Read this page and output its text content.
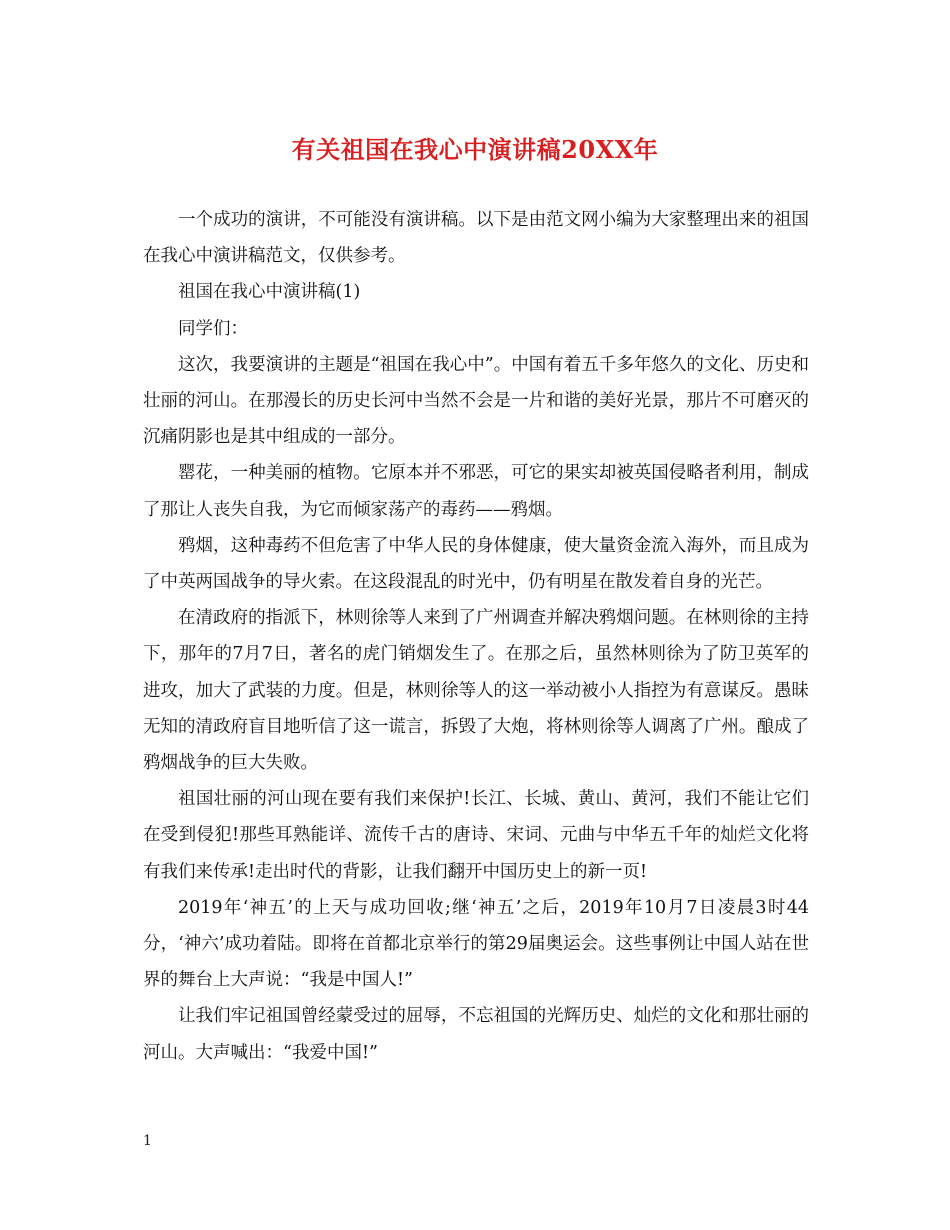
有关祖国在我心中演讲稿20XX年

一个成功的演讲，不可能没有演讲稿。以下是由范文网小编为大家整理出来的祖国在我心中演讲稿范文，仅供参考。

祖国在我心中演讲稿(1)

同学们：

这次，我要演讲的主题是“祖国在我心中”。中国有着五千多年悠久的文化、历史和壮丽的河山。在那漫长的历史长河中当然不会是一片和谐的美好光景，那片不可磨灭的沉痛阴影也是其中组成的一部分。

罂花，一种美丽的植物。它原本并不邪恶，可它的果实却被英国侵略者利用，制成了那让人丧失自我，为它而倾家荡产的毒药——鸦烟。

鸦烟，这种毒药不但危害了中华人民的身体健康，使大量资金流入海外，而且成为了中英两国战争的导火索。在这段混乱的时光中，仍有明星在散发着自身的光芒。

在清政府的指派下，林则徐等人来到了广州调查并解决鸦烟问题。在林则徐的主持下，那年的7月7日，著名的虎门销烟发生了。在那之后，虽然林则徐为了防卫英军的进攻，加大了武装的力度。但是，林则徐等人的这一举动被小人指控为有意谋反。愚昧无知的清政府盲目地听信了这一谎言，拆毁了大炮，将林则徐等人调离了广州。酿成了鸦烟战争的巨大失败。

祖国壮丽的河山现在要有我们来保护!长江、长城、黄山、黄河，我们不能让它们在受到侵犯!那些耳熟能详、流传千古的唐诗、宋词、元曲与中华五千年的灿烂文化将有我们来传承!走出时代的背影，让我们翻开中国历史上的新一页!

2019年‘神五’的上天与成功回收;继‘神五’之后，2019年10月7日凌晨3时44分，‘神六’成功着陆。即将在首都北京举行的第29届奥运会。这些事例让中国人站在世界的舞台上大声说：“我是中国人!”

让我们牢记祖国曾经蒙受过的屈辱，不忘祖国的光辉历史、灿烂的文化和那壮丽的河山。大声喊出：“我爱中国!”

1
